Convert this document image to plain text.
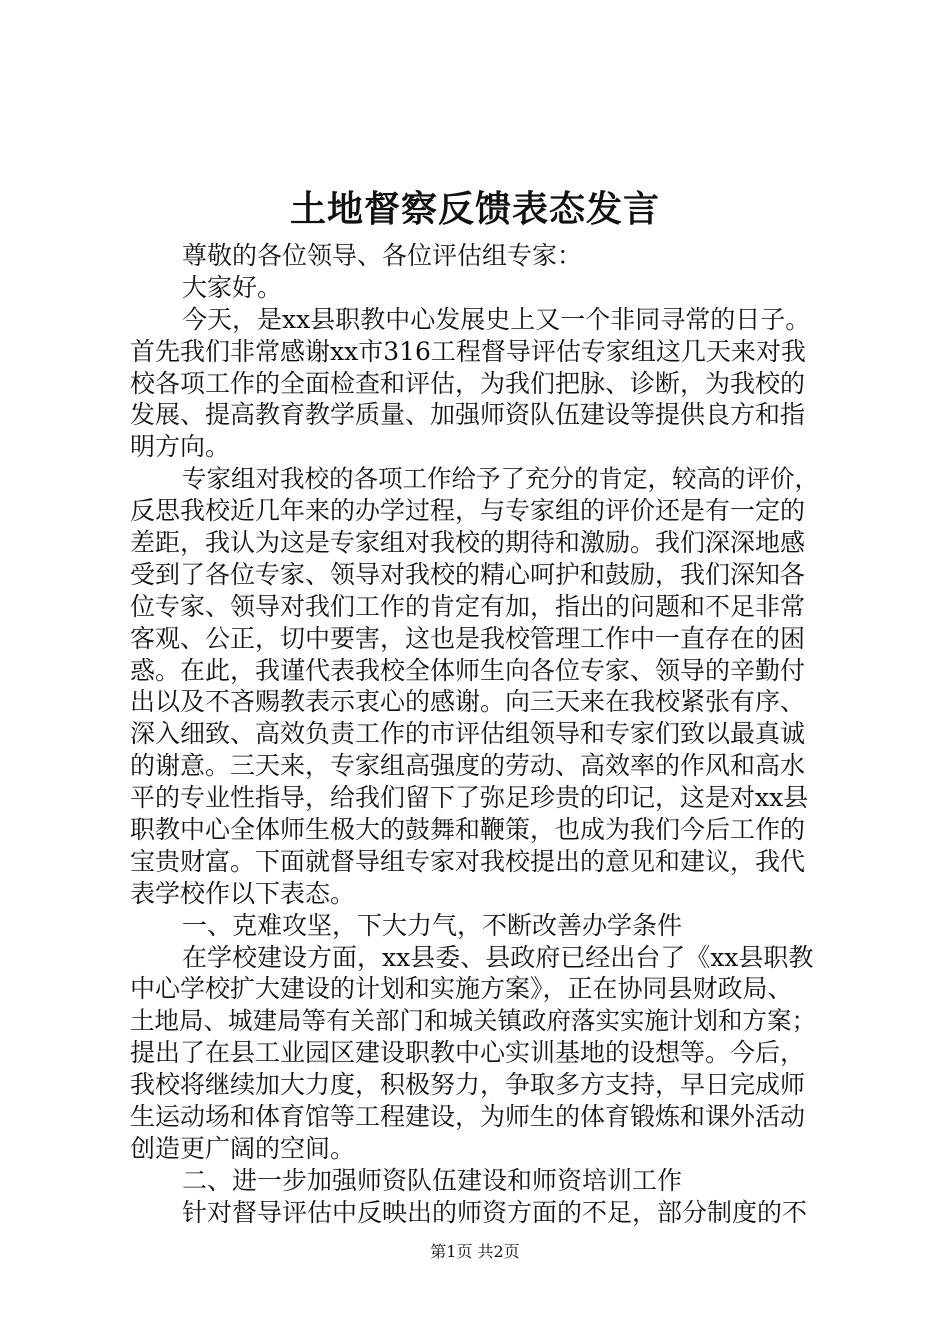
土地督察反馈表态发言
尊敬的各位领导、各位评估组专家：
大家好。
今天，是xx县职教中心发展史上又一个非同寻常的日子。
首先我们非常感谢xx市316工程督导评估专家组这几天来对我
校各项工作的全面检查和评估，为我们把脉、诊断，为我校的
发展、提高教育教学质量、加强师资队伍建设等提供良方和指
明方向。
专家组对我校的各项工作给予了充分的肯定，较高的评价，
反思我校近几年来的办学过程，与专家组的评价还是有一定的
差距，我认为这是专家组对我校的期待和激励。我们深深地感
受到了各位专家、领导对我校的精心呵护和鼓励，我们深知各
位专家、领导对我们工作的肯定有加，指出的问题和不足非常
客观、公正，切中要害，这也是我校管理工作中一直存在的困
惑。在此，我谨代表我校全体师生向各位专家、领导的辛勤付
出以及不吝赐教表示衷心的感谢。向三天来在我校紧张有序、
深入细致、高效负责工作的市评估组领导和专家们致以最真诚
的谢意。三天来，专家组高强度的劳动、高效率的作风和高水
平的专业性指导，给我们留下了弥足珍贵的印记，这是对xx县
职教中心全体师生极大的鼓舞和鞭策，也成为我们今后工作的
宝贵财富。下面就督导组专家对我校提出的意见和建议，我代
表学校作以下表态。
一、克难攻坚，下大力气，不断改善办学条件
在学校建设方面，xx县委、县政府已经出台了《xx县职教
中心学校扩大建设的计划和实施方案》，正在协同县财政局、
土地局、城建局等有关部门和城关镇政府落实实施计划和方案；
提出了在县工业园区建设职教中心实训基地的设想等。今后，
我校将继续加大力度，积极努力，争取多方支持，早日完成师
生运动场和体育馆等工程建设，为师生的体育锻炼和课外活动
创造更广阔的空间。
二、进一步加强师资队伍建设和师资培训工作
针对督导评估中反映出的师资方面的不足，部分制度的不
第1页 共2页
